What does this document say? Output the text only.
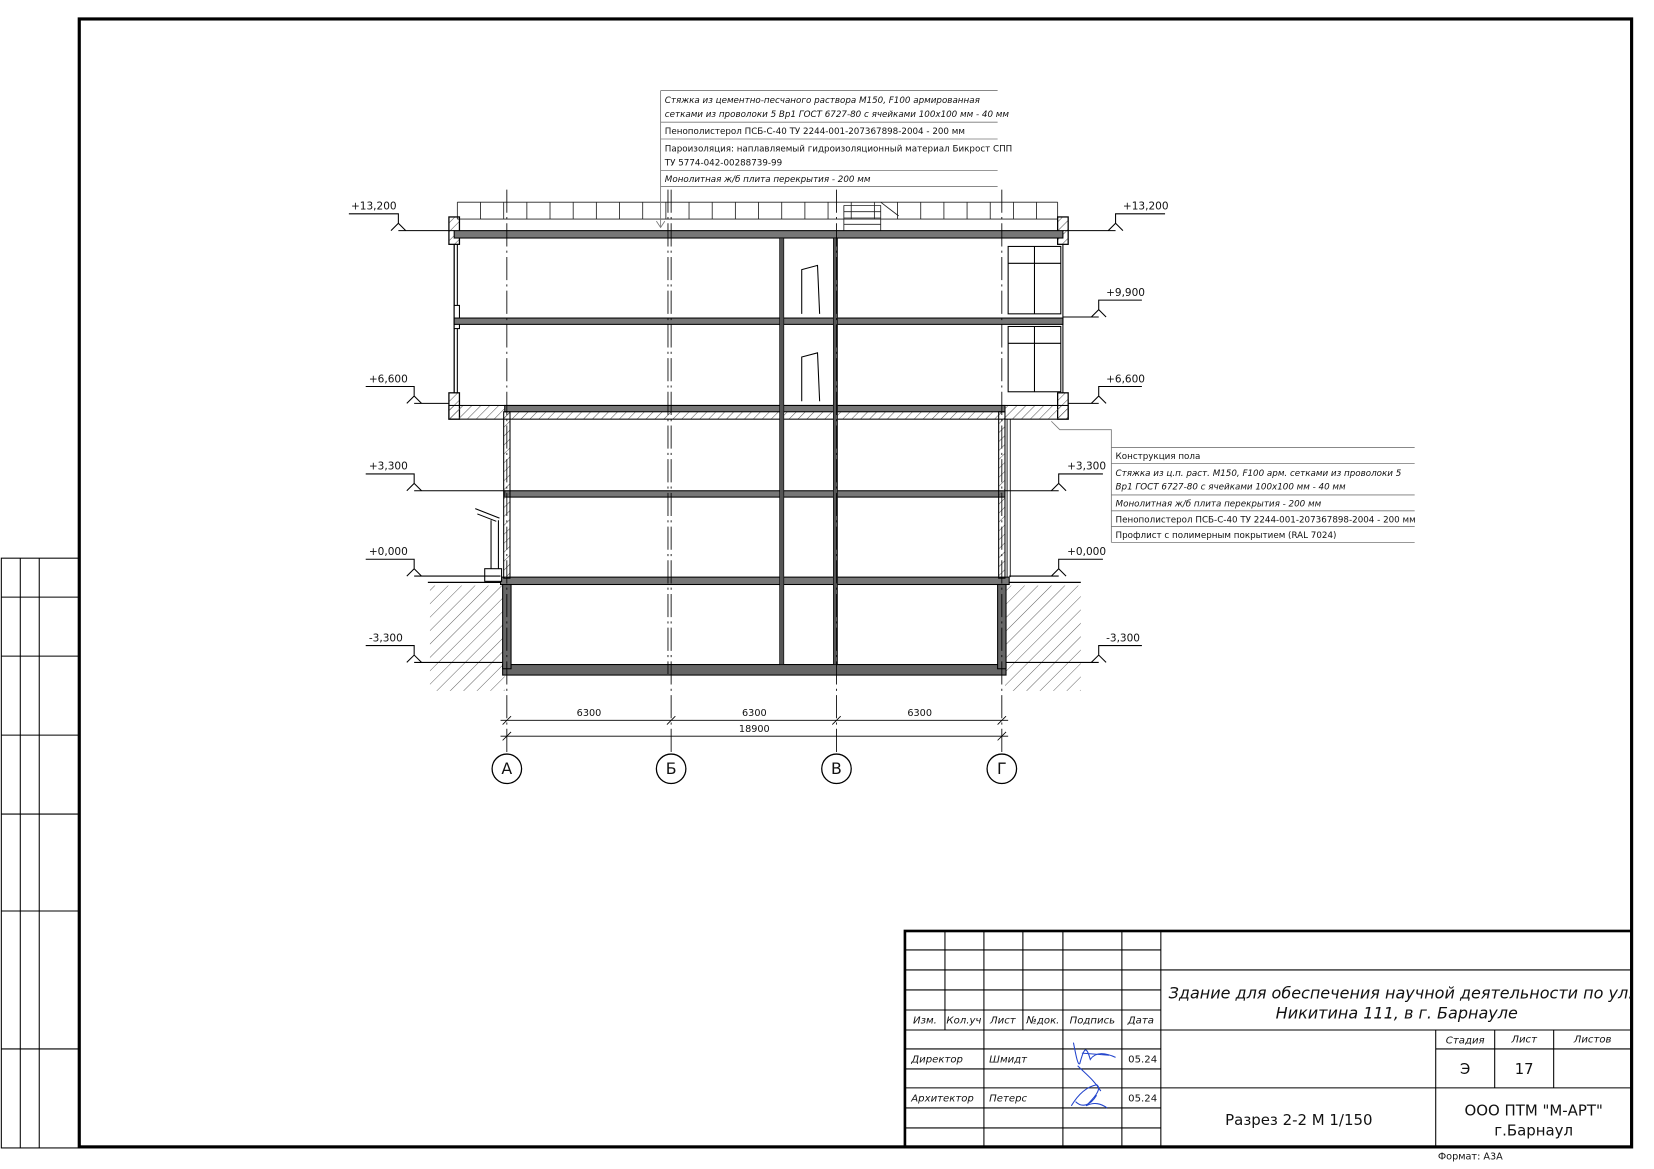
6300	6300	6300
18900
А	Б	В	Г
+13,200
+6,600
+3,300
+0,000
-3,300
+13,200
+9,900
+6,600
+3,300
+0,000
-3,300
Стяжка из цементно-песчаного раствора М150, F100 армированная
сетками из проволоки 5 Вр1 ГОСТ 6727-80 с ячейками 100х100 мм - 40 мм
Пенополистерол ПСБ-С-40 ТУ 2244-001-207367898-2004 - 200 мм
Пароизоляция: наплавляемый гидроизоляционный материал Бикрост СПП
ТУ 5774-042-00288739-99
Монолитная ж/б плита перекрытия - 200 мм
Конструкция пола
Стяжка из ц.п. раст. М150, F100 арм. сетками из проволоки 5
Вр1 ГОСТ 6727-80 с ячейками 100х100 мм - 40 мм
Монолитная ж/б плита перекрытия - 200 мм
Пенополистерол ПСБ-С-40 ТУ 2244-001-207367898-2004 - 200 мм
Профлист с полимерным покрытием (RAL 7024)
Изм. Кол.уч Лист №док. Подпись Дата
Директор	Шмидт	05.24
Архитектор Петерс	05.24
Здание для обеспечения научной деятельности по ул.
Никитина 111, в г. Барнауле
Стадия	Лист	Листов
Э	17
Разрез 2-2 М 1/150
ООО ПТМ "М-АРТ"
г.Барнаул
Формат: А3А
